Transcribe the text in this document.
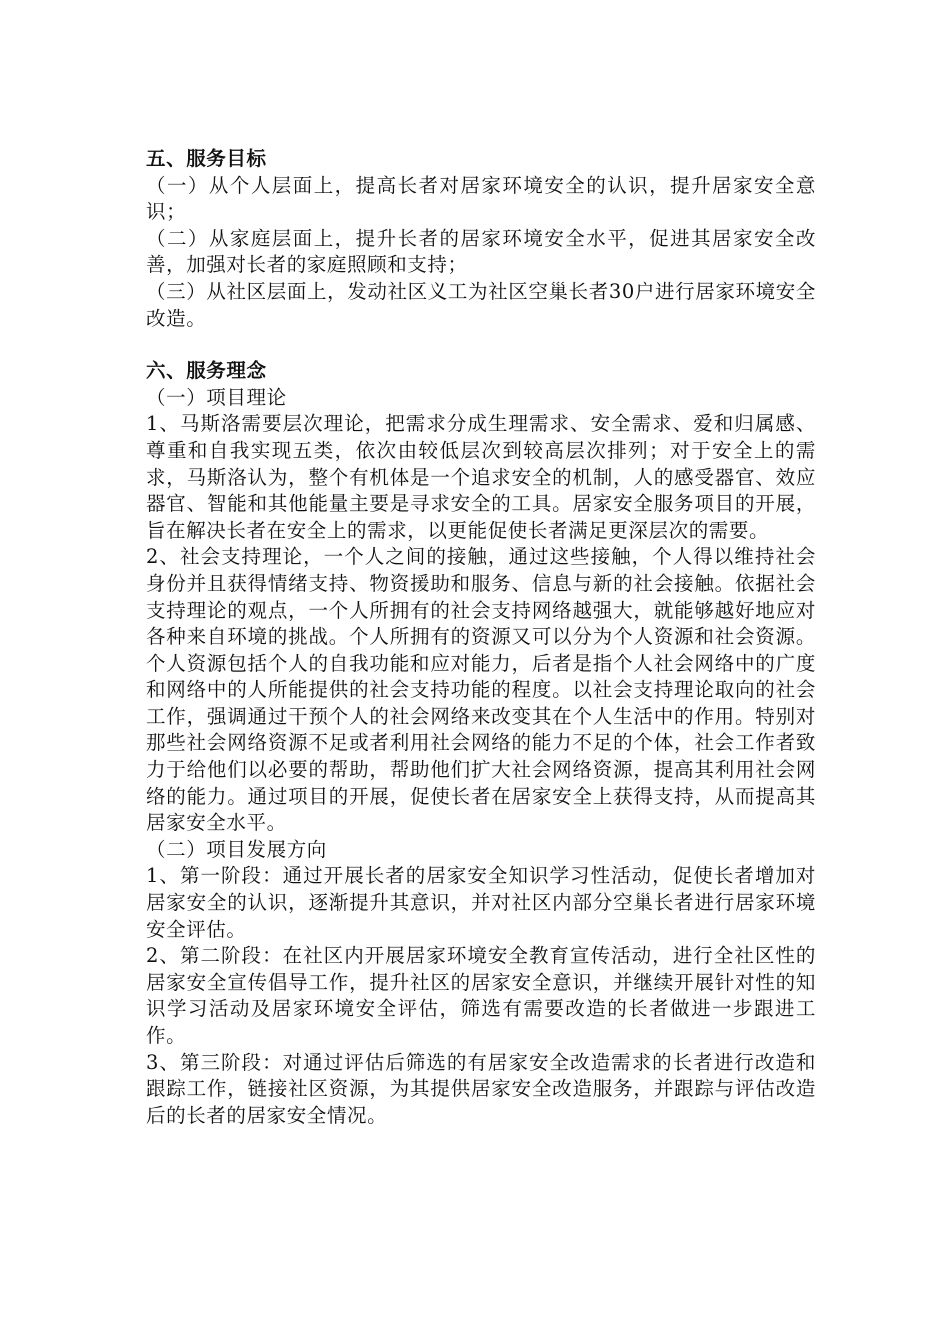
五、服务目标

（一）从个人层面上，提高长者对居家环境安全的认识，提升居家安全意识；

（二）从家庭层面上，提升长者的居家环境安全水平，促进其居家安全改善，加强对长者的家庭照顾和支持；

（三）从社区层面上，发动社区义工为社区空巢长者30户进行居家环境安全改造。

六、服务理念

（一）项目理论

1、马斯洛需要层次理论，把需求分成生理需求、安全需求、爱和归属感、尊重和自我实现五类，依次由较低层次到较高层次排列；对于安全上的需求，马斯洛认为，整个有机体是一个追求安全的机制，人的感受器官、效应器官、智能和其他能量主要是寻求安全的工具。居家安全服务项目的开展，旨在解决长者在安全上的需求，以更能促使长者满足更深层次的需要。

2、社会支持理论，一个人之间的接触，通过这些接触，个人得以维持社会身份并且获得情绪支持、物资援助和服务、信息与新的社会接触。依据社会支持理论的观点，一个人所拥有的社会支持网络越强大，就能够越好地应对各种来自环境的挑战。个人所拥有的资源又可以分为个人资源和社会资源。个人资源包括个人的自我功能和应对能力，后者是指个人社会网络中的广度和网络中的人所能提供的社会支持功能的程度。以社会支持理论取向的社会工作，强调通过干预个人的社会网络来改变其在个人生活中的作用。特别对那些社会网络资源不足或者利用社会网络的能力不足的个体，社会工作者致力于给他们以必要的帮助，帮助他们扩大社会网络资源，提高其利用社会网络的能力。通过项目的开展，促使长者在居家安全上获得支持，从而提高其居家安全水平。

（二）项目发展方向

1、第一阶段：通过开展长者的居家安全知识学习性活动，促使长者增加对居家安全的认识，逐渐提升其意识，并对社区内部分空巢长者进行居家环境安全评估。

2、第二阶段：在社区内开展居家环境安全教育宣传活动，进行全社区性的居家安全宣传倡导工作，提升社区的居家安全意识，并继续开展针对性的知识学习活动及居家环境安全评估，筛选有需要改造的长者做进一步跟进工作。

3、第三阶段：对通过评估后筛选的有居家安全改造需求的长者进行改造和跟踪工作，链接社区资源，为其提供居家安全改造服务，并跟踪与评估改造后的长者的居家安全情况。
